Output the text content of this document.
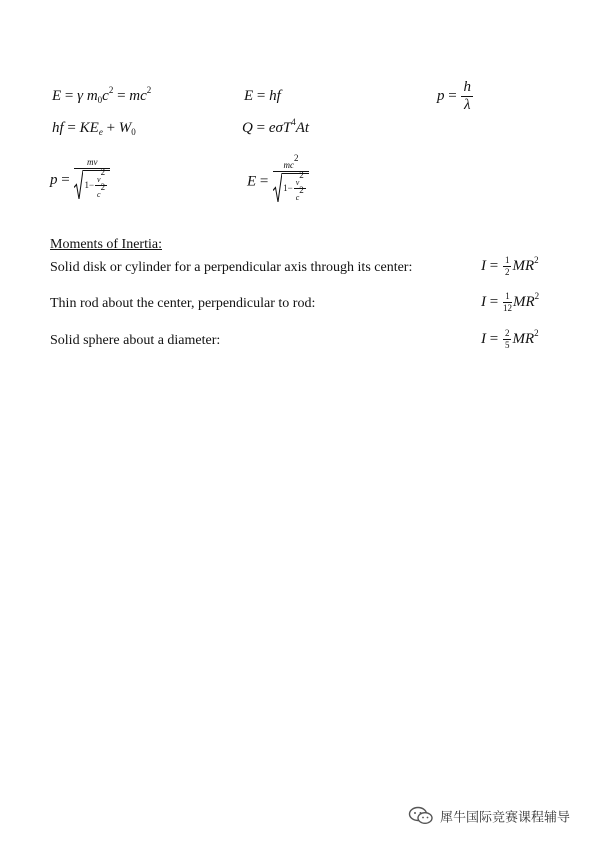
E = γ $m_0c^2 = mc^2$	E = hf	$p = \frac{h}{\lambda}$
hf = $KE_e + W_0$	Q = eσT$^4$At
$p = \frac{mv}{1 - \frac{v^2}{c^2}}$	$E = \frac{mc^2}{1 - \frac{v^2}{c^2}}$
Moments of Inertia:
Solid disk or cylinder for a perpendicular axis through its center:	$I = \frac{1}{2} MR^2$
Thin rod about the center, perpendicular to rod:	$I = \frac{1}{12} MR^2$
Solid sphere about a diameter:	$I = \frac{2}{5} MR^2$
犀牛国际竞赛课程辅导
